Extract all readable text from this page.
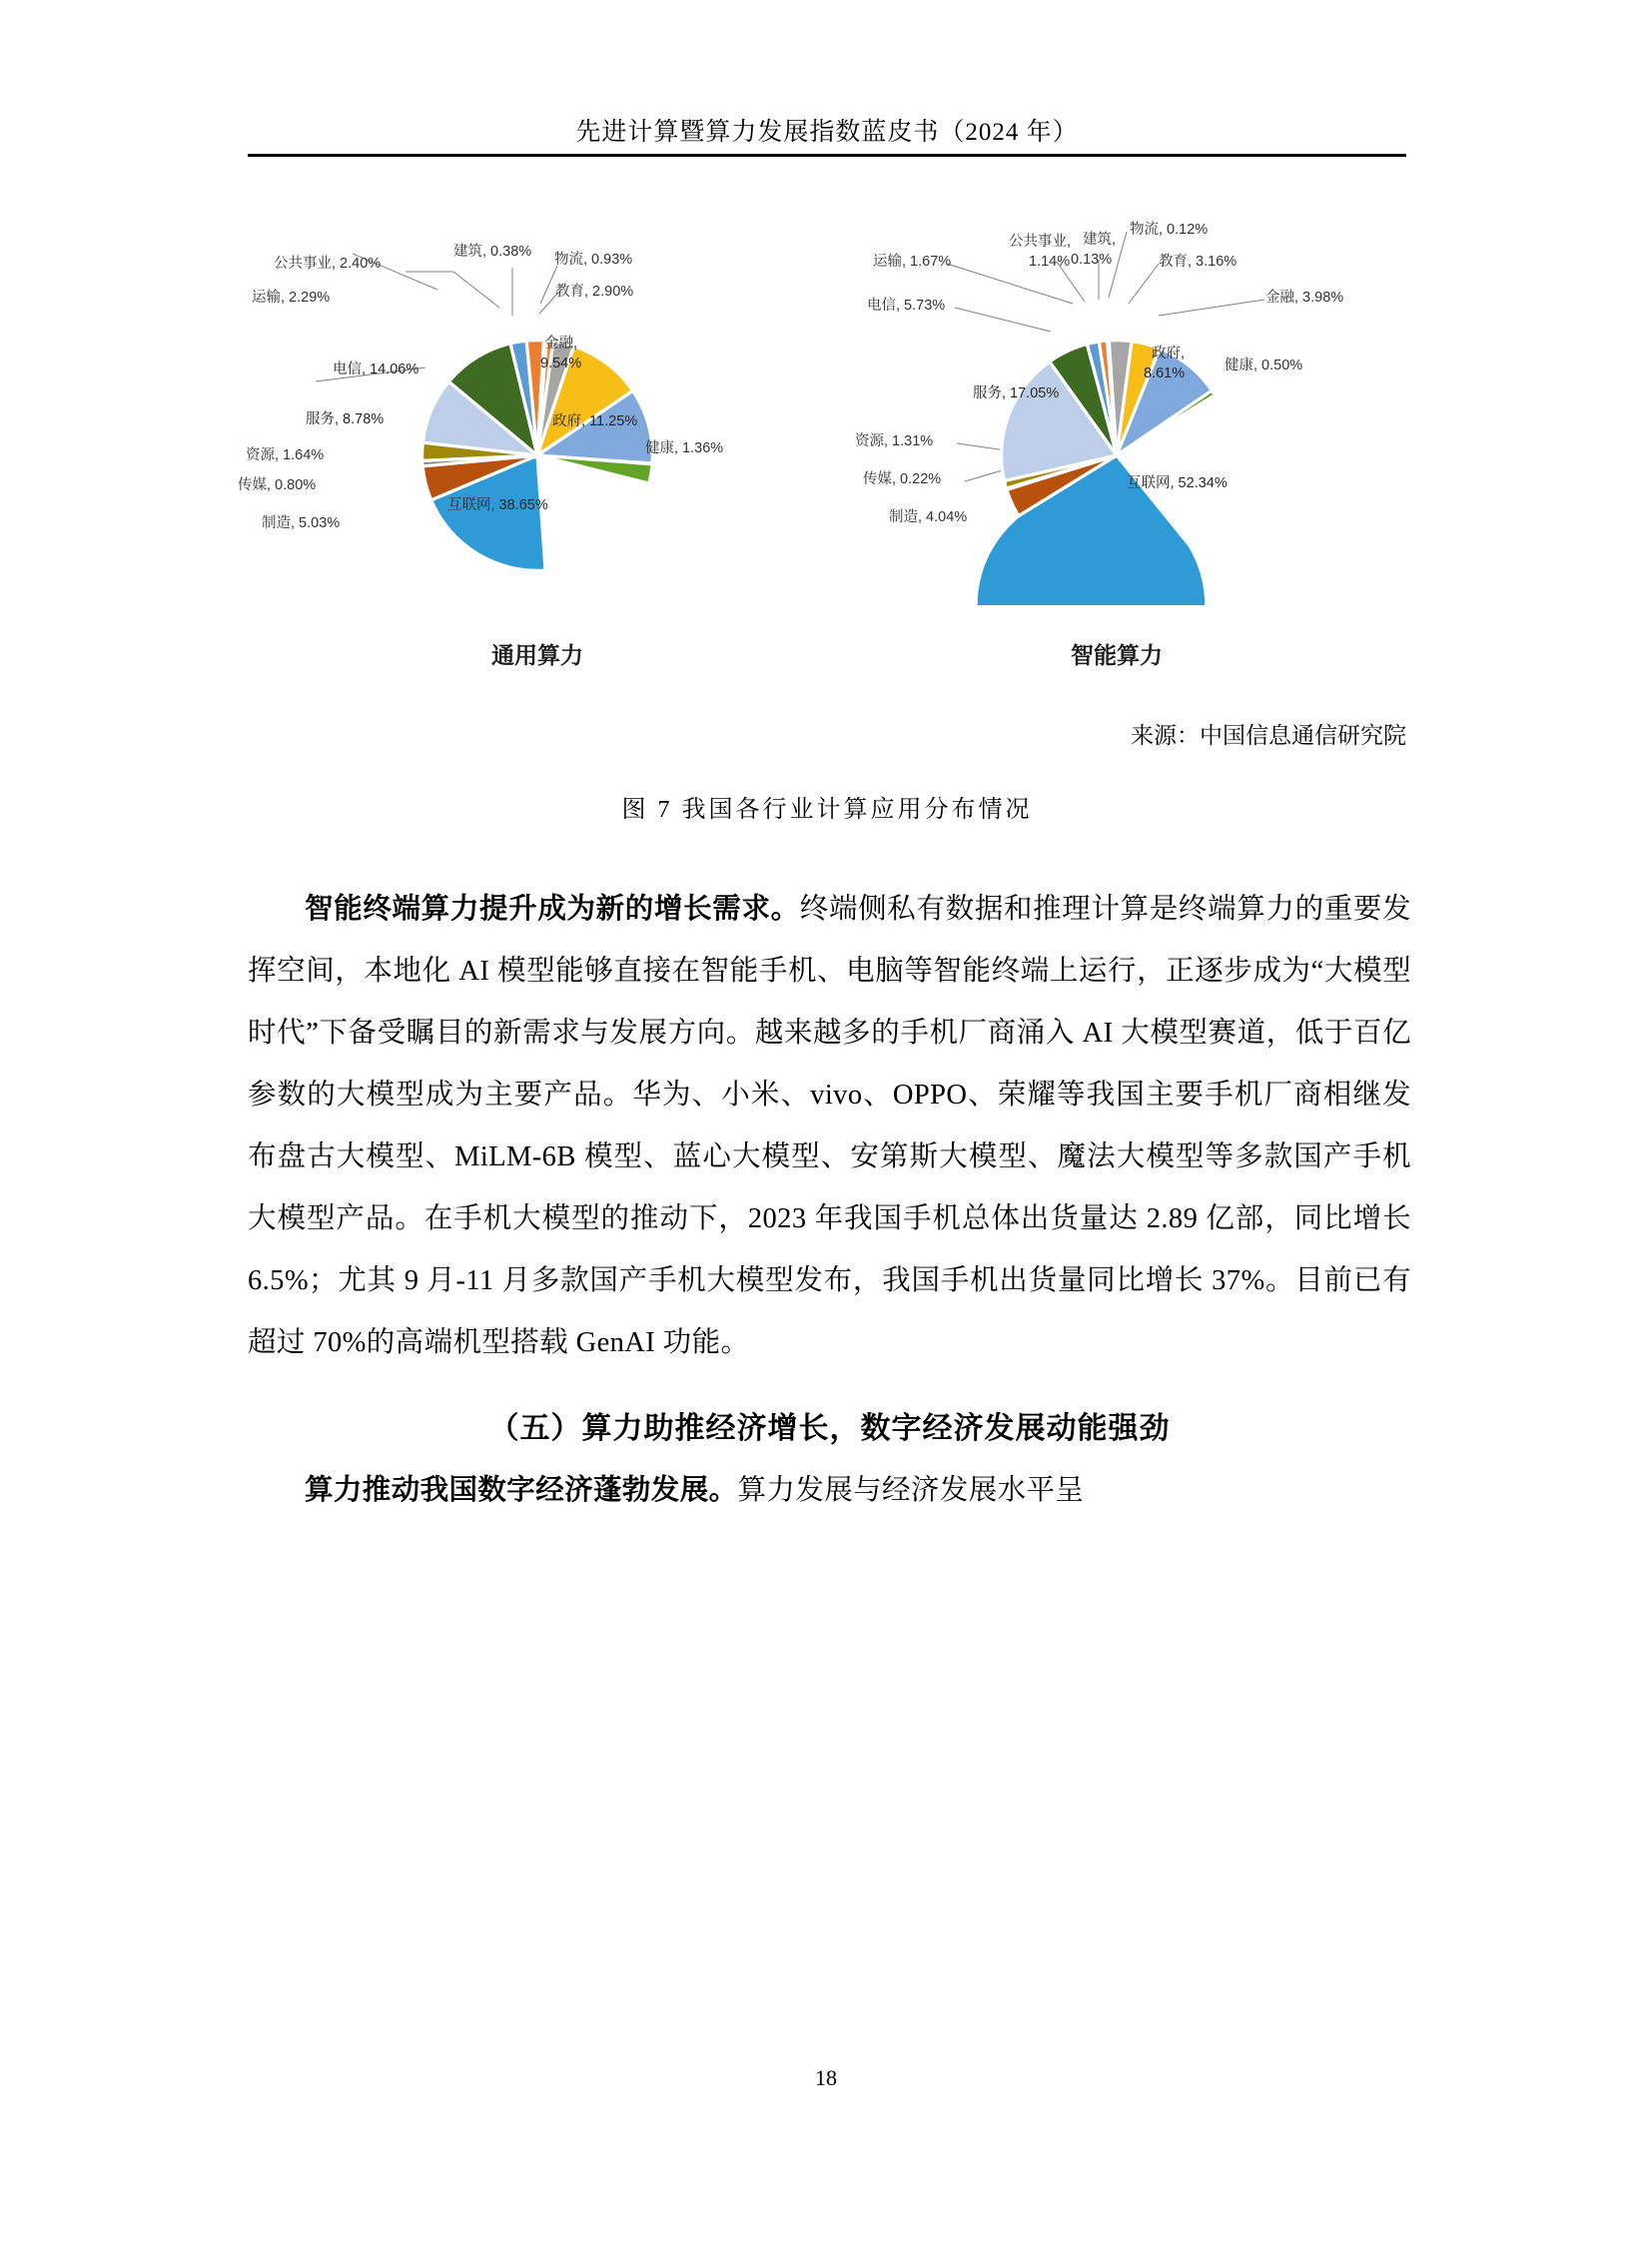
先进计算暨算力发展指数蓝皮书（2024 年）
公共事业, 2.40%
建筑, 0.38% 物流, 0.93%
运输, 2.29%	教育, 2.90%
金融,
9.54%
电信, 14.06%
政府, 11.25%
服务, 8.78%
健康, 1.36%
资源, 1.64%
传媒, 0.80%
制造, 5.03%
互联网, 38.65%
通用算力
公共事业,
1.14%
建筑,
0.13%
物流, 0.12%
运输, 1.67%	教育, 3.16%
金融, 3.98%
电信, 5.73%
政府,
8.61%	健康, 0.50%
服务, 17.05%
资源, 1.31%
传媒, 0.22%
制造, 4.04%
互联网, 52.34%
智能算力
来源：中国信息通信研究院
图 7 我国各行业计算应用分布情况

智能终端算力提升成为新的增长需求。终端侧私有数据和推理计算是终端算力的重要发挥空间，本地化 AI 模型能够直接在智能手机、电脑等智能终端上运行，正逐步成为“大模型时代”下备受瞩目的新需求与发展方向。越来越多的手机厂商涌入 AI 大模型赛道，低于百亿参数的大模型成为主要产品。华为、小米、vivo、OPPO、荣耀等我国主要手机厂商相继发布盘古大模型、MiLM-6B 模型、蓝心大模型、安第斯大模型、魔法大模型等多款国产手机大模型产品。在手机大模型的推动下，2023 年我国手机总体出货量达 2.89 亿部，同比增长 6.5%；尤其 9 月-11 月多款国产手机大模型发布，我国手机出货量同比增长 37%。目前已有超过 70%的高端机型搭载 GenAI 功能。

（五）算力助推经济增长，数字经济发展动能强劲

算力推动我国数字经济蓬勃发展。算力发展与经济发展水平呈

18
